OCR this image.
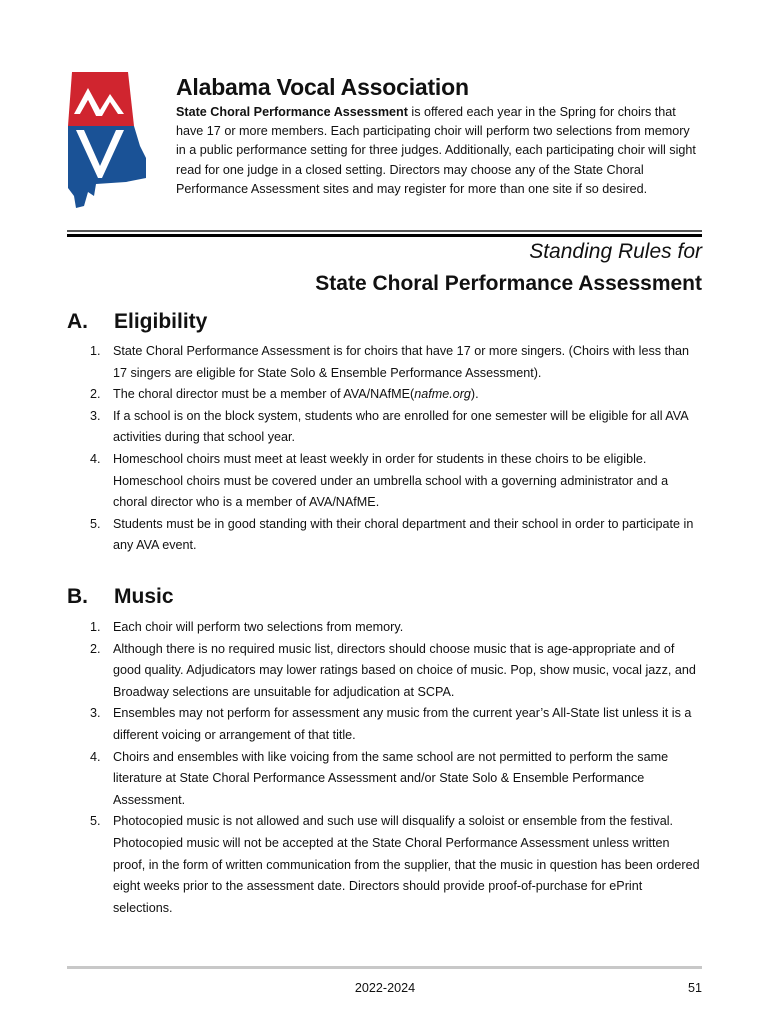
Alabama Vocal Association

State Choral Performance Assessment is offered each year in the Spring for choirs that have 17 or more members. Each participating choir will perform two selections from memory in a public performance setting for three judges. Additionally, each participating choir will sight read for one judge in a closed setting. Directors may choose any of the State Choral Performance Assessment sites and may register for more than one site if so desired.

Standing Rules for
State Choral Performance Assessment
A. Eligibility
1. State Choral Performance Assessment is for choirs that have 17 or more singers. (Choirs with less than 17 singers are eligible for State Solo & Ensemble Performance Assessment).
2. The choral director must be a member of AVA/NAfME(nafme.org).
3. If a school is on the block system, students who are enrolled for one semester will be eligible for all AVA activities during that school year.
4. Homeschool choirs must meet at least weekly in order for students in these choirs to be eligible. Homeschool choirs must be covered under an umbrella school with a governing administrator and a choral director who is a member of AVA/NAfME.
5. Students must be in good standing with their choral department and their school in order to participate in any AVA event.
B. Music
1. Each choir will perform two selections from memory.
2. Although there is no required music list, directors should choose music that is age-appropriate and of good quality. Adjudicators may lower ratings based on choice of music. Pop, show music, vocal jazz, and Broadway selections are unsuitable for adjudication at SCPA.
3. Ensembles may not perform for assessment any music from the current year’s All-State list unless it is a different voicing or arrangement of that title.
4. Choirs and ensembles with like voicing from the same school are not permitted to perform the same literature at State Choral Performance Assessment and/or State Solo & Ensemble Performance Assessment.
5. Photocopied music is not allowed and such use will disqualify a soloist or ensemble from the festival. Photocopied music will not be accepted at the State Choral Performance Assessment unless written proof, in the form of written communication from the supplier, that the music in question has been ordered eight weeks prior to the assessment date. Directors should provide proof-of-purchase for ePrint selections.
2022-2024	51
